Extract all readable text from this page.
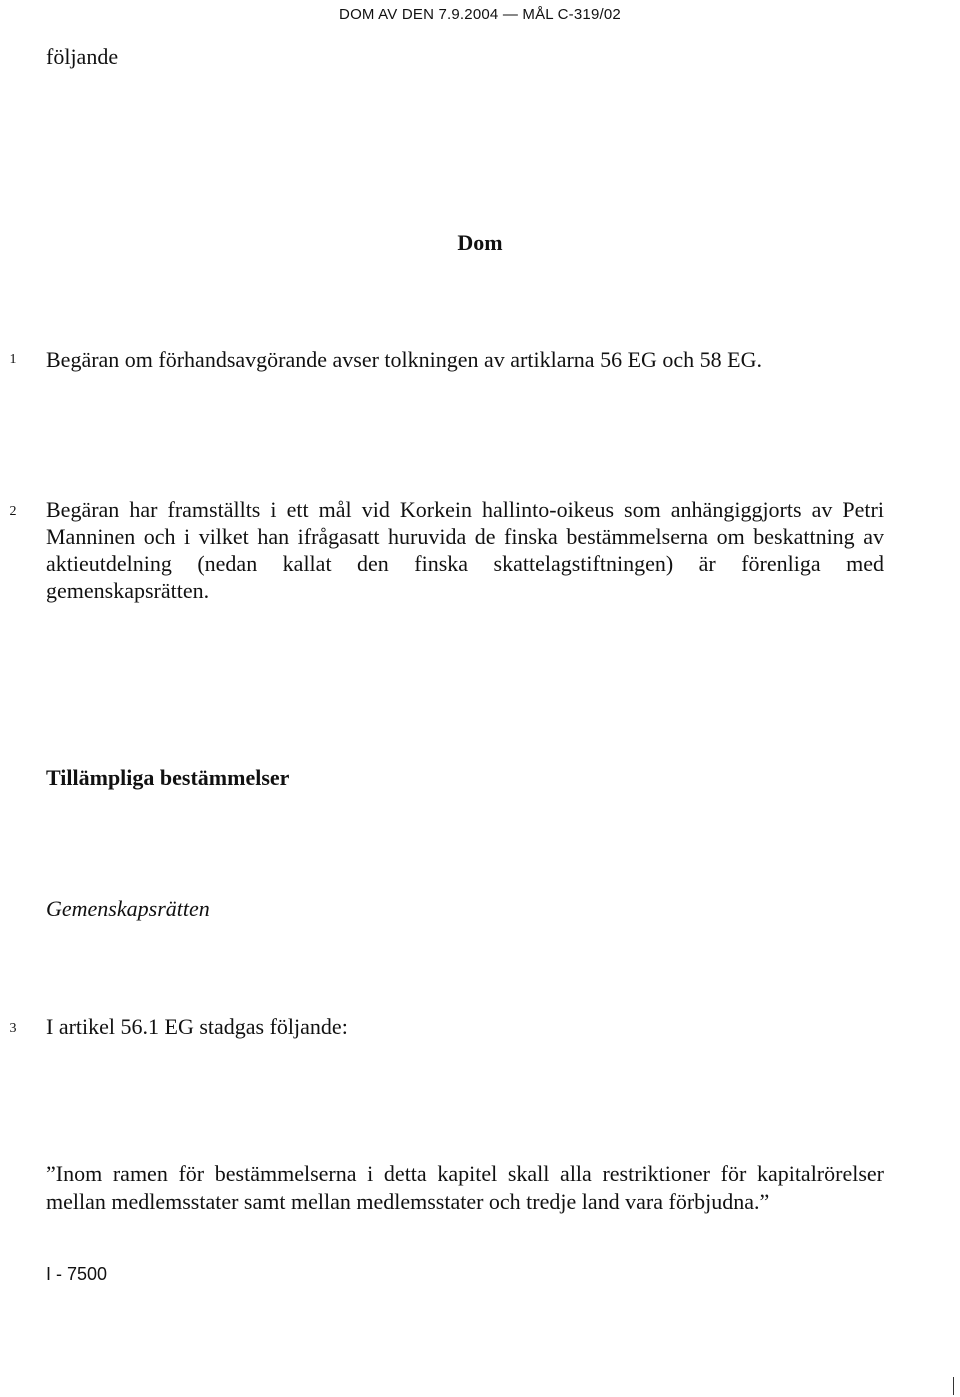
DOM AV DEN 7.9.2004 — MÅL C-319/02
följande
Dom
1 Begäran om förhandsavgörande avser tolkningen av artiklarna 56 EG och 58 EG.
2 Begäran har framställts i ett mål vid Korkein hallinto-oikeus som anhängiggjorts av Petri Manninen och i vilket han ifrågasatt huruvida de finska bestämmelserna om beskattning av aktieutdelning (nedan kallat den finska skattelagstiftningen) är förenliga med gemenskapsrätten.
Tillämpliga bestämmelser
Gemenskapsrätten
3 I artikel 56.1 EG stadgas följande:
”Inom ramen för bestämmelserna i detta kapitel skall alla restriktioner för kapitalrörelser mellan medlemsstater samt mellan medlemsstater och tredje land vara förbjudna.”
I - 7500
